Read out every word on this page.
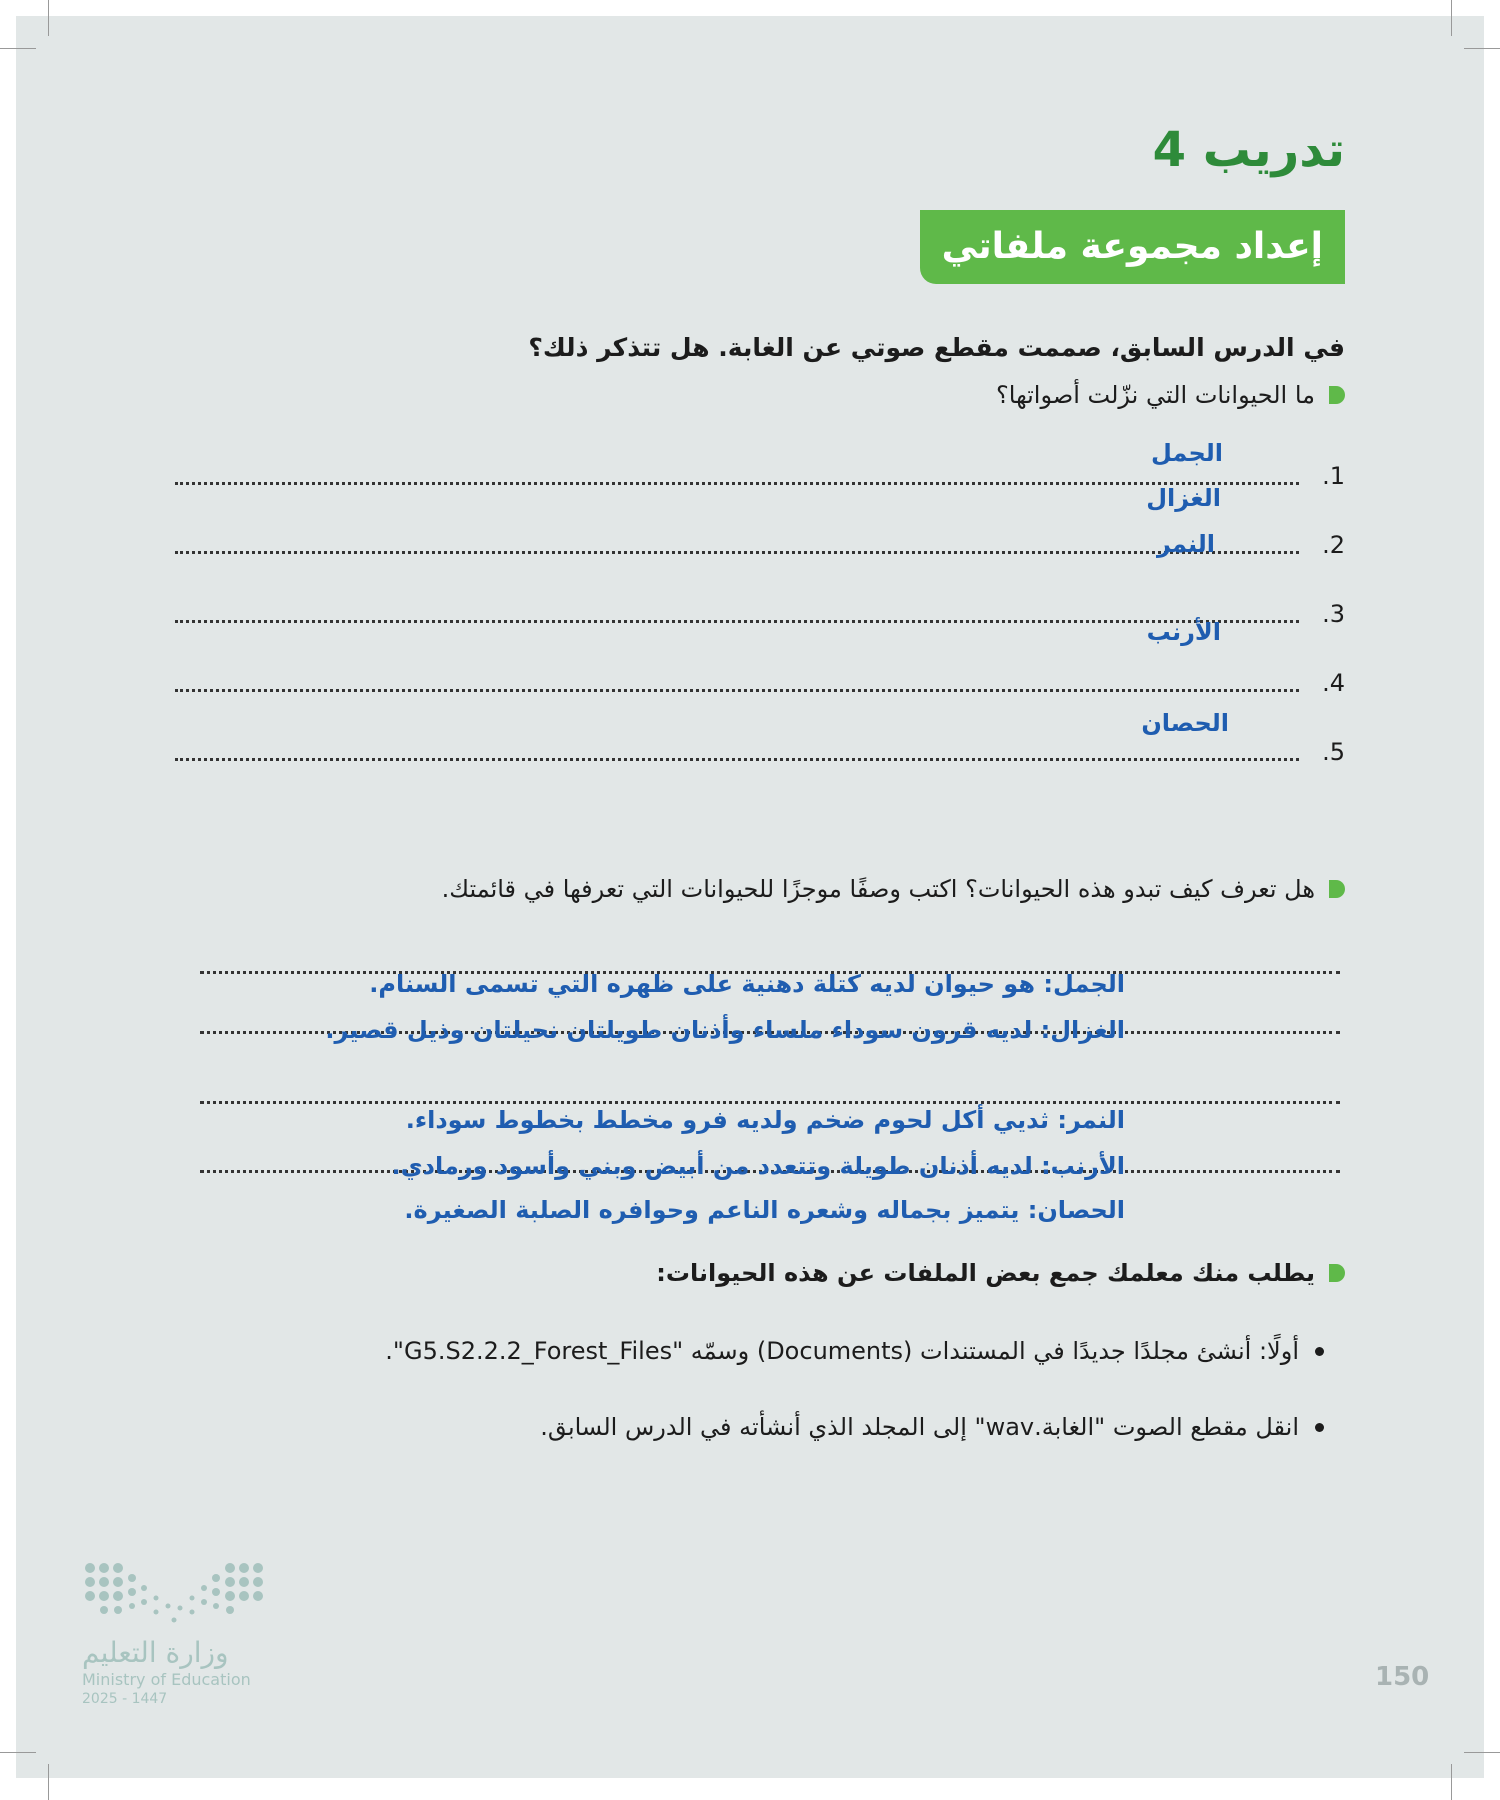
تدريب 4
إعداد مجموعة ملفاتي
في الدرس السابق، صممت مقطع صوتي عن الغابة. هل تتذكر ذلك؟
ما الحيوانات التي نزّلت أصواتها؟
1.
2.
3.
4.
5.
الجمل
الغزال
النمر
الأرنب
الحصان
هل تعرف كيف تبدو هذه الحيوانات؟ اكتب وصفًا موجزًا للحيوانات التي تعرفها في قائمتك.
الجمل: هو حيوان لديه كتلة دهنية على ظهره التي تسمى السنام.
الغزال: لديه قرون سوداء ملساء وأذنان طويلتان نحيلتان وذيل قصير.
النمر: ثديي أكل لحوم ضخم ولديه فرو مخطط بخطوط سوداء.
الأرنب: لديه أذنان طويلة وتتعدد من أبيض وبني وأسود ورمادي.
الحصان: يتميز بجماله وشعره الناعم وحوافره الصلبة الصغيرة.
يطلب منك معلمك جمع بعض الملفات عن هذه الحيوانات:
أولًا: أنشئ مجلدًا جديدًا في المستندات (Documents) وسمّه "G5.S2.2.2_Forest_Files".
انقل مقطع الصوت "الغابة.wav" إلى المجلد الذي أنشأته في الدرس السابق.
150
وزارة التعليم
Ministry of Education
2025 - 1447
